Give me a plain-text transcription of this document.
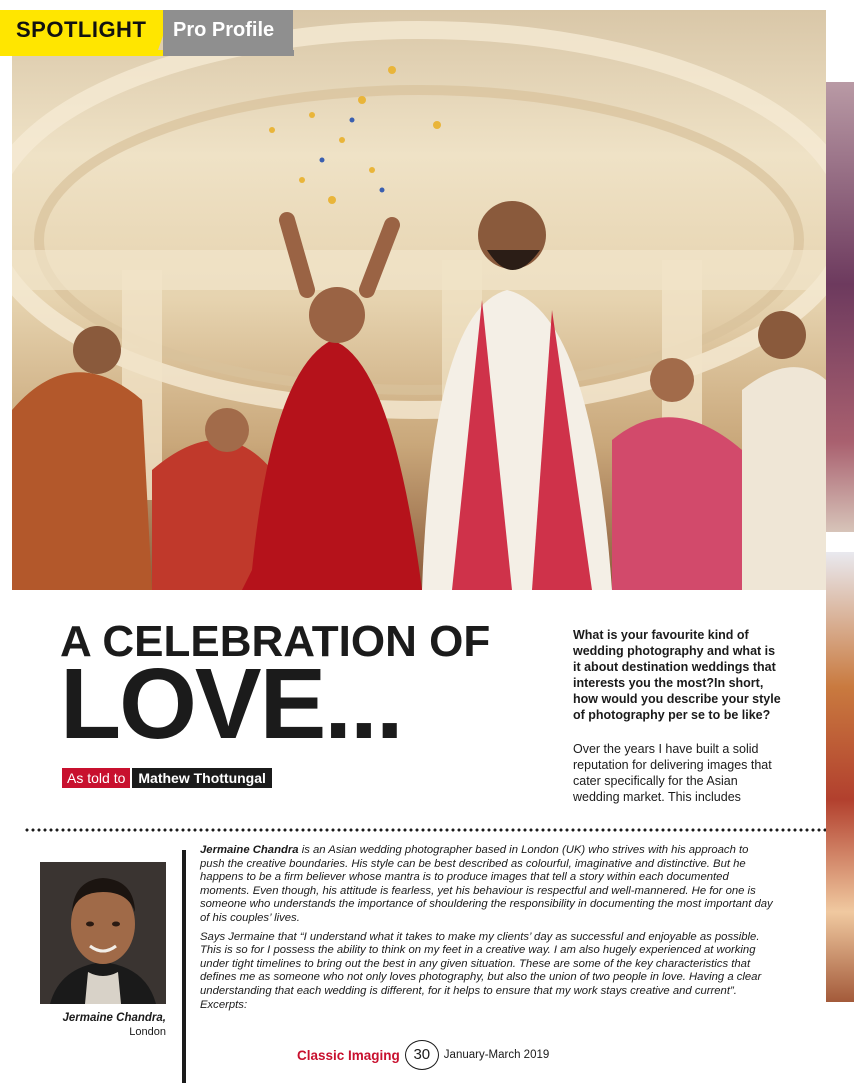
SPOTLIGHT	Pro Profile
A CELEBRATION OF
LOVE...
As told to Mathew Thottungal
What is your favourite kind of wedding photography and what is it about destination weddings that interests you the most?In short, how would you describe your style of photography per se to be like?
Over the years I have built a solid reputation for delivering images that cater specifically for the Asian wedding market. This includes
Jermaine Chandra,
London

Jermaine Chandra is an Asian wedding photographer based in London (UK) who strives with his approach to push the creative boundaries. His style can be best described as colourful, imaginative and distinctive. But he happens to be a firm believer whose mantra is to produce images that tell a story within each documented moments. Even though, his attitude is fearless, yet his behaviour is respectful and well-mannered. He for one is someone who understands the importance of shouldering the responsibility in documenting the most important day of his couples’ lives.

Says Jermaine that “I understand what it takes to make my clients’ day as successful and enjoyable as possible. This is so for I possess the ability to think on my feet in a creative way. I am also hugely experienced at working under tight timelines to bring out the best in any given situation. These are some of the key characteristics that defines me as someone who not only loves photography, but also the union of two people in love. Having a clear understanding that each wedding is different, for it helps to ensure that my work stays creative and current”. Excerpts:

Classic Imaging 30	January-March 2019
